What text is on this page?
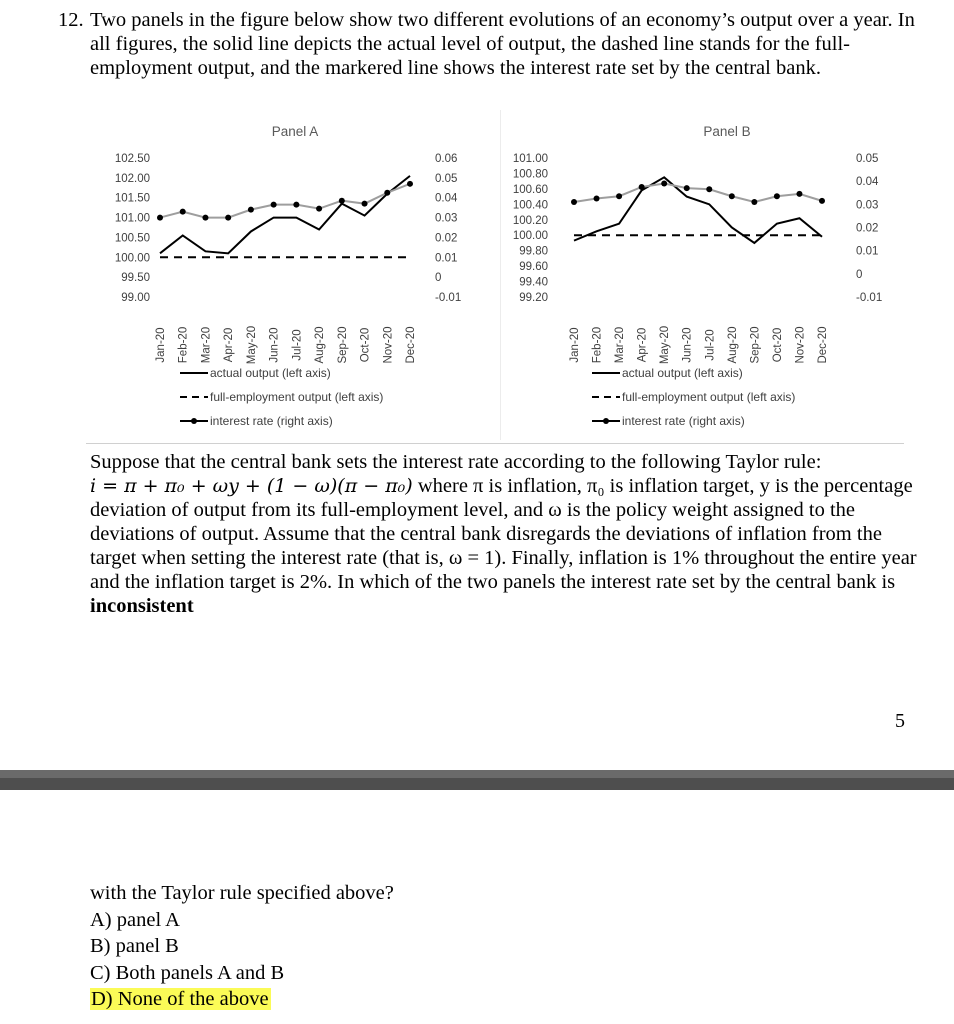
12. Two panels in the figure below show two different evolutions of an economy’s output over a year. In all figures, the solid line depicts the actual level of output, the dashed line stands for the full-employment output, and the markered line shows the interest rate set by the central bank.
Panel A
102.50
102.00
101.50
101.00
100.50
100.00
99.50
99.00
0.06
0.05
0.04
0.03
0.02
0.01
0
-0.01
Jan-20 Feb-20 Mar-20 Apr-20 May-20 Jun-20 Jul-20 Aug-20 Sep-20 Oct-20 Nov-20 Dec-20
actual output (left axis)
full-employment output (left axis)
interest rate (right axis)
Panel B
101.00
100.80
100.60
100.40
100.20
100.00
99.80
99.60
99.40
99.20
0.05
0.04
0.03
0.02
0.01
0
-0.01
Jan-20 Feb-20 Mar-20 Apr-20 May-20 Jun-20 Jul-20 Aug-20 Sep-20 Oct-20 Nov-20 Dec-20
actual output (left axis)
full-employment output (left axis)
interest rate (right axis)

Suppose that the central bank sets the interest rate according to the following Taylor rule:

i = π + π₀ + ωy + (1 − ω)(π − π₀) where π is inflation, π₀ is inflation target, y is the percentage deviation of output from its full-employment level, and ω is the policy weight assigned to the deviations of output. Assume that the central bank disregards the deviations of inflation from the target when setting the interest rate (that is, ω = 1). Finally, inflation is 1% throughout the entire year and the inflation target is 2%. In which of the two panels the interest rate set by the central bank is inconsistent

5
with the Taylor rule specified above?
A) panel A
B) panel B
C) Both panels A and B
D) None of the above
